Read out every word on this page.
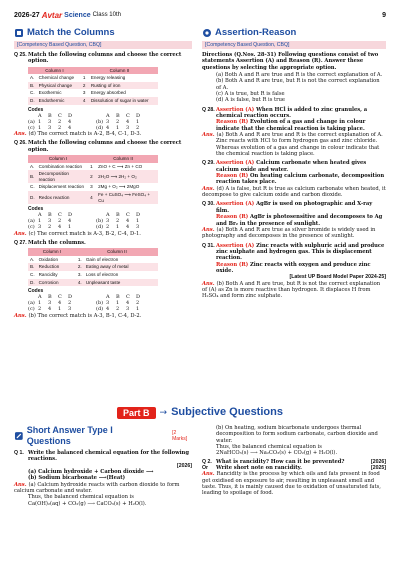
2026-27 Avtar Science Class 10th	9
Match the Columns
[Competency Based Question, CBQ]
Q 25. Match the following columns and choose the correct option.
Column I		Column II	
A.	Chemical change	1	Energy releasing
B.	Physical change	2	Rusting of iron
C.	Exothermic	3	Energy absorbed
D.	Endothermic	4	Dissolution of sugar in water
Codes
A	B	C	D	A	B	C	D
(a) 1	3	2	4	(b) 3	2	4	1
(c) 1	3	2	4	(d) 4	1	3	2
Ans. (d) The correct match is A-2, B-4, C-1, D-3.
Q 26. Match the following columns and choose the correct option.
Column I		Column II	
A.	Combination reaction	1	ZnO + C ⟶ Zn + CO
B.	Decomposition reaction	2	2H₂O ⟶ 2H₂ + O₂
C.	Displacement reaction	3	2Mg + O₂ ⟶ 2MgO
D.	Redox reaction	4	Fe + CuSO₄ ⟶ FeSO₄ + Cu
Codes
A	B	C	D	A	B	C	D
(a) 1	3	2	4	(b) 3	2	4	1
(c) 3	2	4	1	(d) 2	1	4	3
Ans. (c) The correct match is A-3, B-2, C-4, D-1.
Q 27. Match the columns.
Column I		Column II	
A.	Oxidation	1.	Gain of electron
B.	Reduction	2.	Eating away of metal
C.	Rancidity	3.	Loss of electron
D.	Corrosion	4.	Unpleasant taste
Codes
A	B	C	D	A	B	C	D
(a) 1	3	4	2	(b) 3	1	4	2
(c) 2	4	1	3	(d) 4	2	3	1
Ans. (b) The correct match is A-3, B-1, C-4, D-2.
Assertion-Reason
[Competency Based Question, CBQ]
Directions (Q.Nos. 28-31) Following questions consist of two statements Assertion (A) and Reason (R). Answer these questions by selecting the appropriate option.
(a) Both A and R are true and R is the correct explanation of A.
(b) Both A and R are true, but R is not the correct explanation of A.
(c) A is true, but R is false
(d) A is false, but R is true
Q 28. Assertion (A) When HCl is added to zinc granules, a chemical reaction occurs.
Reason (R) Evolution of a gas and change in colour indicate that the chemical reaction is taking place.
Ans. (a) Both A and R are true and R is the correct explanation of A.
Zinc reacts with HCl to form hydrogen gas and zinc chloride. Whereas evolution of a gas and change in colour indicate that the chemical reaction is taking place.
Q 29. Assertion (A) Calcium carbonate when heated gives calcium oxide and water.
Reason (R) On heating calcium carbonate, decomposition reaction takes place.
Ans. (d) A is false, but R is true as calcium carbonate when heated, it decompose to give calcium oxide and carbon dioxide.
Q 30. Assertion (A) AgBr is used on photographic and X-ray film.
Reason (R) AgBr is photosensitive and decomposes to Ag and Br₂ in the presence of sunlight.
Ans. (a) Both A and R are true as silver bromide is widely used in photography and decomposes in the presence of sunlight.
Q 31. Assertion (A) Zinc reacts with sulphuric acid and produce zinc sulphate and hydrogen gas. This is displacement reaction.
Reason (R) Zinc reacts with oxygen and produce zinc oxide.
[Latest UP Board Model Paper 2024-25]
Ans. (b) Both A and R are true, but R is not the correct explanation of (A) as Zn is more reactive than hydrogen. It displaces H from H₂SO₄ and form zinc sulphate.
Part B	→ Subjective Questions
Short Answer Type I Questions
[2 Marks]
Q 1. Write the balanced chemical equation for the following reactions.
[2026]
(a) Calcium hydroxide + Carbon dioxide ⟶
(b) Sodium bicarbonate ⟶(Heat)
Ans. (a) Calcium hydroxide reacts with carbon dioxide to form calcium carbonate and water.
Thus, the balanced chemical equation is
Ca(OH)₂(aq) + CO₂(g) ⟶ CaCO₃(s) + H₂O(l).
(b) On heating, sodium bicarbonate undergoes thermal decomposition to form sodium carbonate, carbon dioxide and water.
Thus, the balanced chemical equation is
2NaHCO₃(s) ⟶ Na₂CO₃(s) + CO₂(g) + H₂O(l).
Q 2. What is rancidity? How can it be prevented?	[2026]
Or	Write short note on rancidity.	[2025]
Ans. Rancidity is the process by which oils and fats present in food get oxidised on exposure to air, resulting in unpleasant smell and taste. Thus, it is mainly caused due to oxidation of unsaturated fats, leading to spoilage of food.
